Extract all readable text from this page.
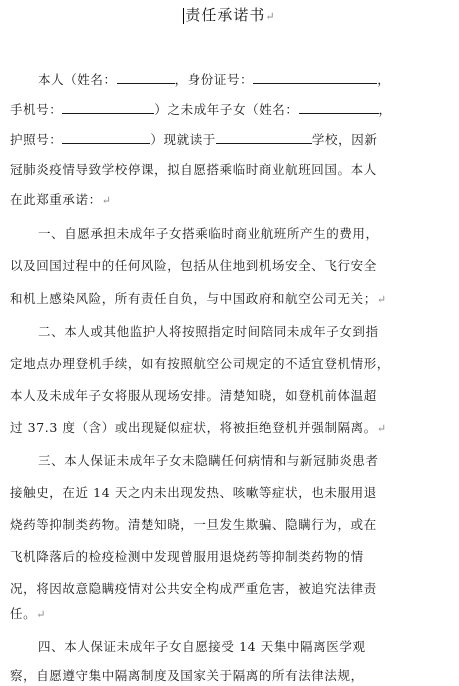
责任承诺书↵
本人（姓名：	，身份证号：	，
手机号：	）之未成年子女（姓名：	，
护照号：	）现就读于	学校，因新
冠肺炎疫情导致学校停课，拟自愿搭乘临时商业航班回国。本人
在此郑重承诺：↵
一、自愿承担未成年子女搭乘临时商业航班所产生的费用，
以及回国过程中的任何风险，包括从住地到机场安全、飞行安全
和机上感染风险，所有责任自负，与中国政府和航空公司无关；↵
二、本人或其他监护人将按照指定时间陪同未成年子女到指
定地点办理登机手续，如有按照航空公司规定的不适宜登机情形，
本人及未成年子女将服从现场安排。清楚知晓，如登机前体温超
过 37.3 度（含）或出现疑似症状，将被拒绝登机并强制隔离。↵
三、本人保证未成年子女未隐瞒任何病情和与新冠肺炎患者
接触史，在近 14 天之内未出现发热、咳嗽等症状，也未服用退
烧药等抑制类药物。清楚知晓，一旦发生欺骗、隐瞒行为，或在
飞机降落后的检疫检测中发现曾服用退烧药等抑制类药物的情
况，将因故意隐瞒疫情对公共安全构成严重危害，被追究法律责
任。↵
四、本人保证未成年子女自愿接受 14 天集中隔离医学观
察，自愿遵守集中隔离制度及国家关于隔离的所有法律法规，
